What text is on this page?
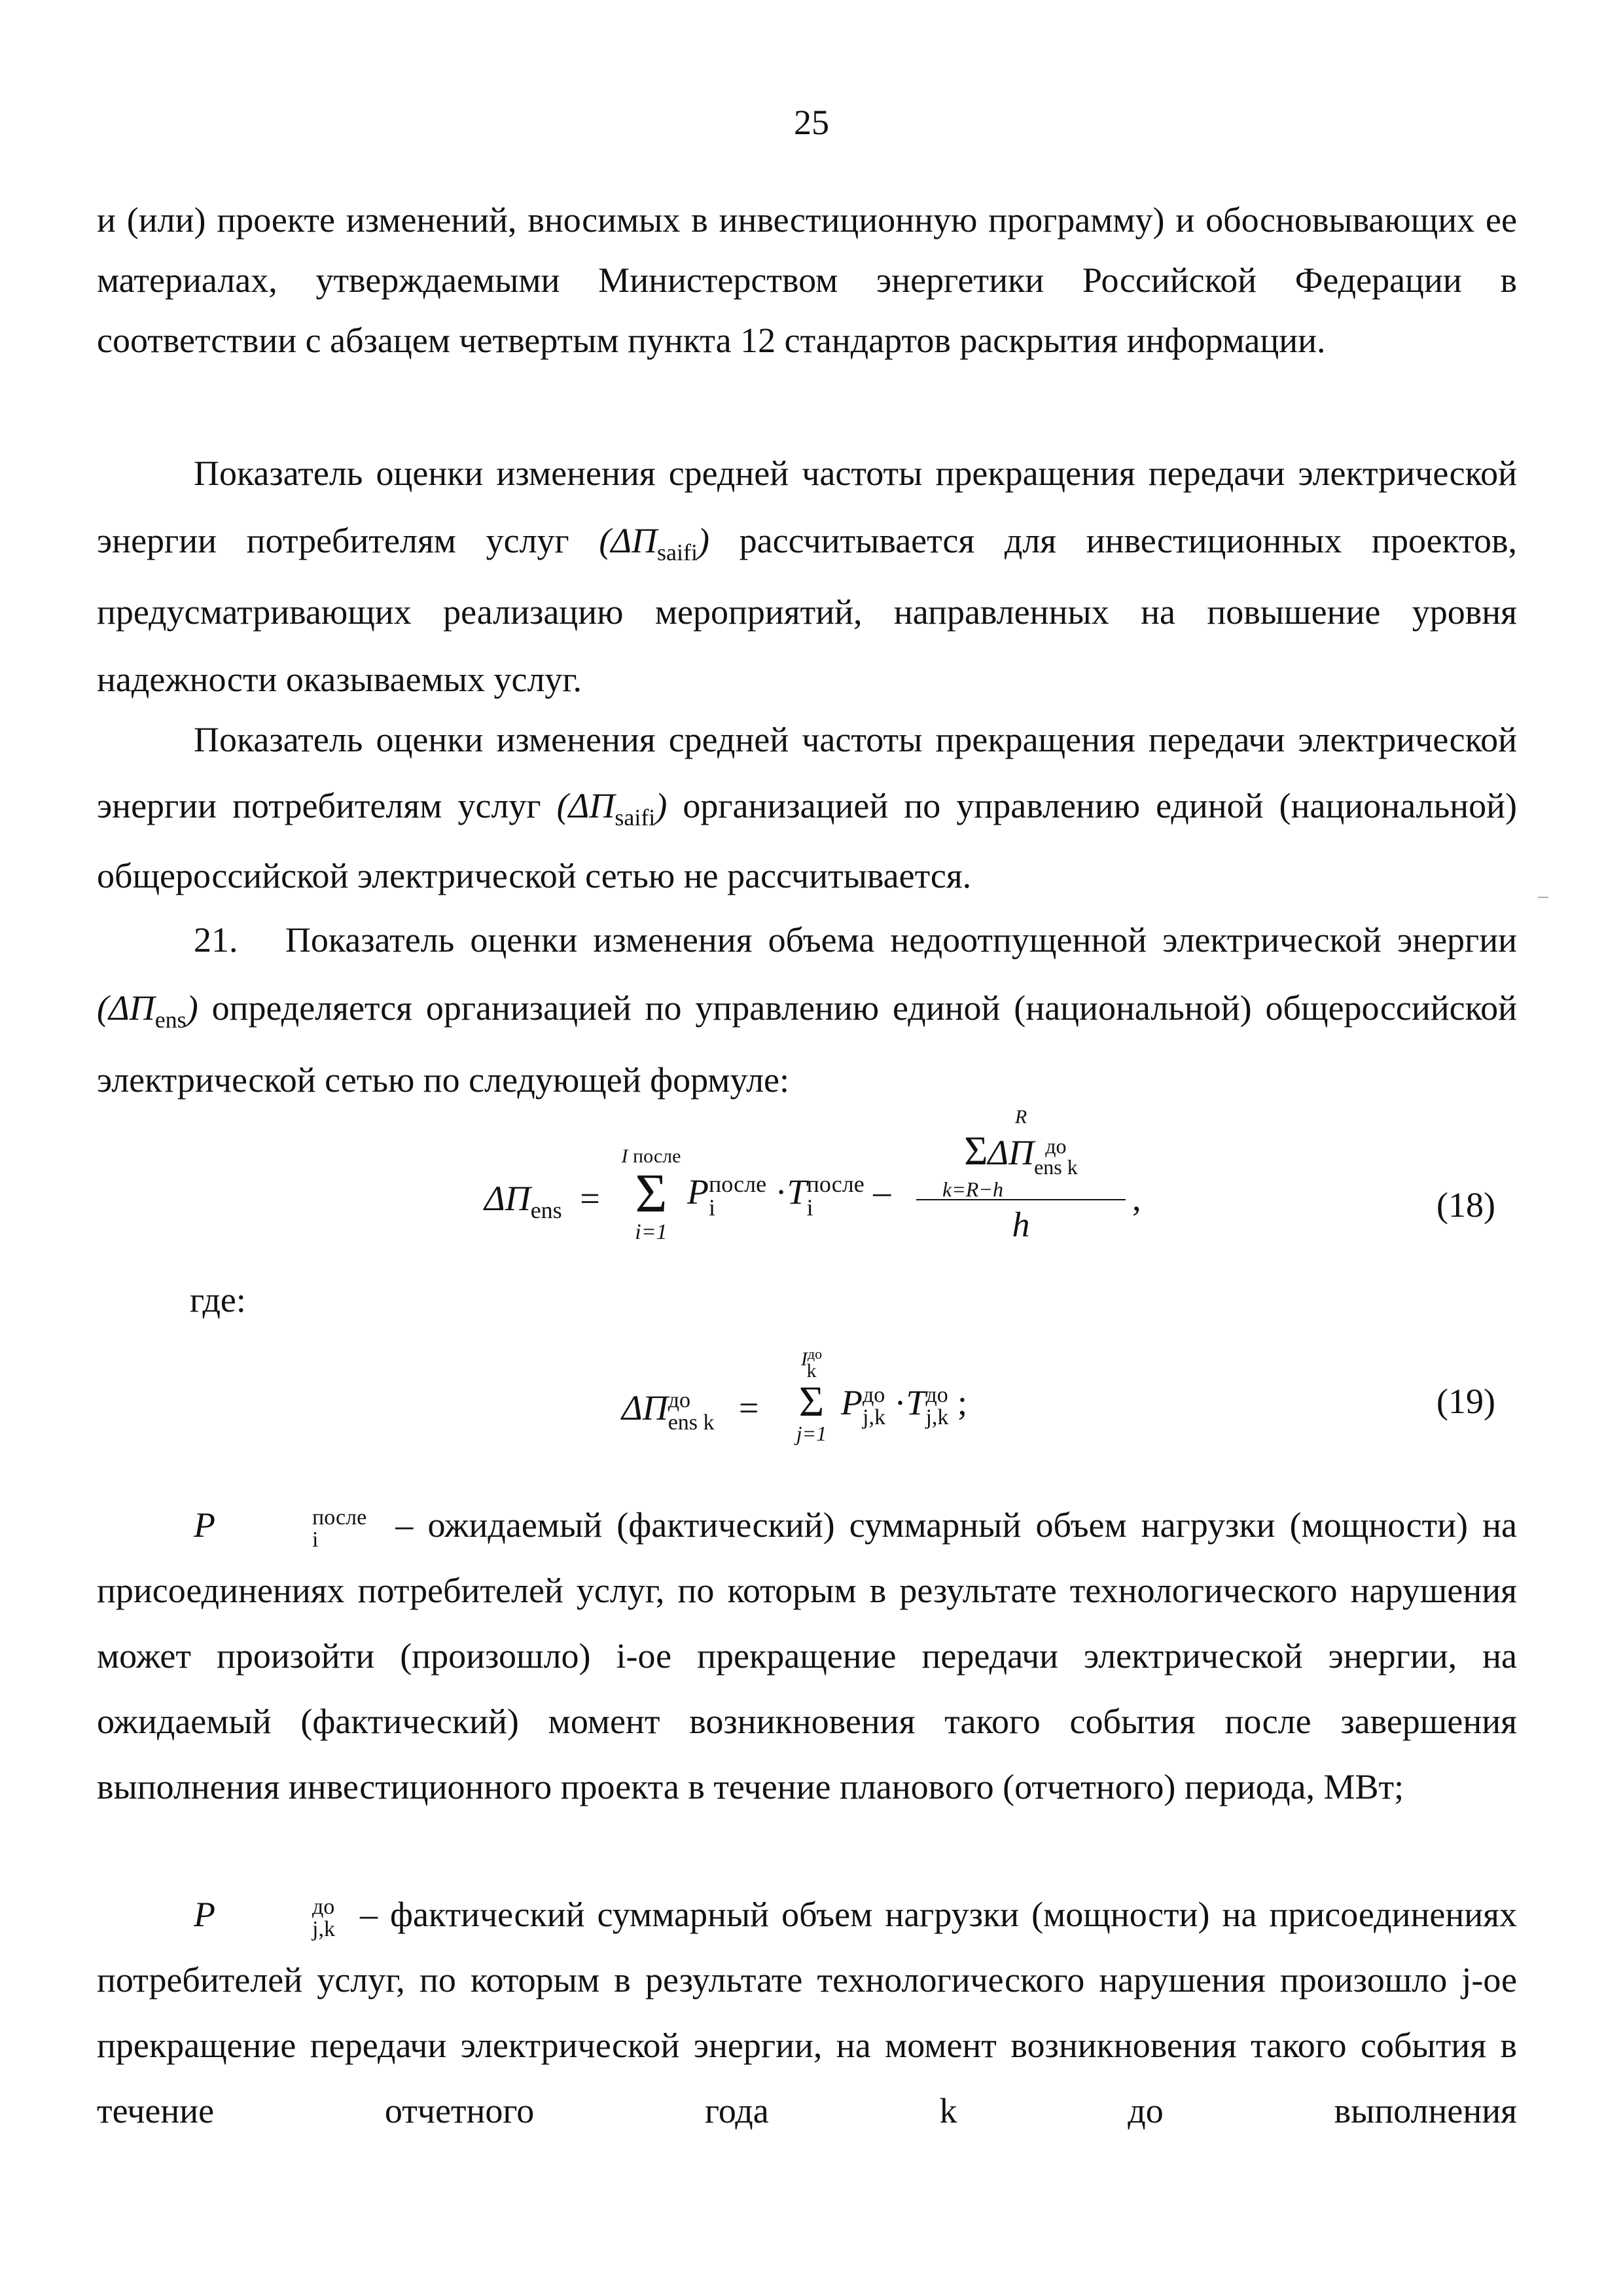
25
и (или) проекте изменений, вносимых в инвестиционную программу) и обосновывающих ее материалах, утверждаемыми Министерством энергетики Российской Федерации в соответствии с абзацем четвертым пункта 12 стандартов раскрытия информации.
Показатель оценки изменения средней частоты прекращения передачи электрической энергии потребителям услуг $(\Delta П_{saifi})$ рассчитывается для инвестиционных проектов, предусматривающих реализацию мероприятий, направленных на повышение уровня надежности оказываемых услуг.
Показатель оценки изменения средней частоты прекращения передачи электрической энергии потребителям услуг $(\Delta П_{saifi})$ организацией по управлению единой (национальной) общероссийской электрической сетью не рассчитывается.
21. Показатель оценки изменения объема недоотпущенной электрической энергии $(\Delta П_{ens})$ определяется организацией по управлению единой (национальной) общероссийской электрической сетью по следующей формуле:
$\Delta П_{ens}$ =
I после
Σ
i=1
P после
i	·T после
i	–
R
ΣΔП до
ens k
k=R−h
h
,	(18)
где:
ΔП до
ens k =
$I^{до}$
k
Σ
j=1
P до
j,k ·T до
j,k ;	(19)
P	после
i	– ожидаемый (фактический) суммарный объем нагрузки (мощности) на присоединениях потребителей услуг, по которым в результате технологического нарушения может произойти (произошло) i-ое прекращение передачи электрической энергии, на ожидаемый (фактический) момент возникновения такого события после завершения выполнения инвестиционного проекта в течение планового (отчетного) периода, МВт;
P	до
j,k – фактический суммарный объем нагрузки (мощности) на присоединениях потребителей услуг, по которым в результате технологического нарушения произошло j-ое прекращение передачи электрической энергии, на момент возникновения такого события в течение отчетного года k до выполнения
